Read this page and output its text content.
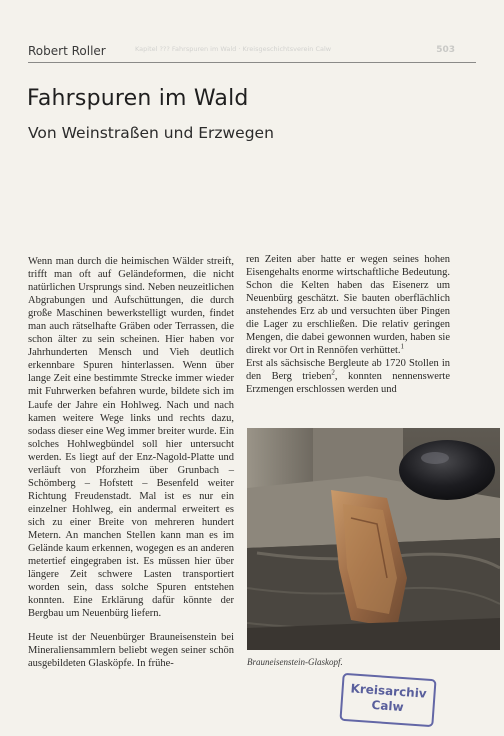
Robert Roller	Kapitel ??? Fahrspuren im Wald · Kreisgeschichtsverein Calw	503
Fahrspuren im Wald
Von Weinstraßen und Erzwegen

Wenn man durch die heimischen Wälder streift, trifft man oft auf Geländeformen, die nicht natürlichen Ursprungs sind. Neben neuzeitlichen Abgrabungen und Aufschüttungen, die durch große Maschinen bewerkstelligt wurden, findet man auch rätselhafte Gräben oder Terrassen, die schon älter zu sein scheinen. Hier haben vor Jahrhunderten Mensch und Vieh deutlich erkennbare Spuren hinterlassen. Wenn über lange Zeit eine bestimmte Strecke immer wieder mit Fuhrwerken befahren wurde, bildete sich im Laufe der Jahre ein Hohlweg. Nach und nach kamen weitere Wege links und rechts dazu, sodass dieser eine Weg immer breiter wurde. Ein solches Hohlwegbündel soll hier untersucht werden. Es liegt auf der Enz-Nagold-Platte und verläuft von Pforzheim über Grunbach – Schömberg – Hofstett – Besenfeld weiter Richtung Freudenstadt. Mal ist es nur ein einzelner Hohlweg, ein andermal erweitert es sich zu einer Breite von mehreren hundert Metern. An manchen Stellen kann man es im Gelände kaum erkennen, wogegen es an anderen metertief eingegraben ist. Es müssen hier über längere Zeit schwere Lasten transportiert worden sein, dass solche Spuren entstehen konnten. Eine Erklärung dafür könnte der Bergbau um Neuenbürg liefern.

Heute ist der Neuenbürger Brauneisenstein bei Mineraliensammlern beliebt wegen seiner schön ausgebildeten Glasköpfe. In frühe-

ren Zeiten aber hatte er wegen seines hohen Eisengehalts enorme wirtschaftliche Bedeutung. Schon die Kelten haben das Eisenerz um Neuenbürg geschätzt. Sie bauten oberflächlich anstehendes Erz ab und versuchten über Pingen die Lager zu erschließen. Die relativ geringen Mengen, die dabei gewonnen wurden, haben sie direkt vor Ort in Rennöfen verhüttet.$^1$

Erst als sächsische Bergleute ab 1720 Stollen in den Berg trieben$^2$, konnten nennenswerte Erzmengen erschlossen werden und

Brauneisenstein-Glaskopf.
Kreisarchiv
Calw
